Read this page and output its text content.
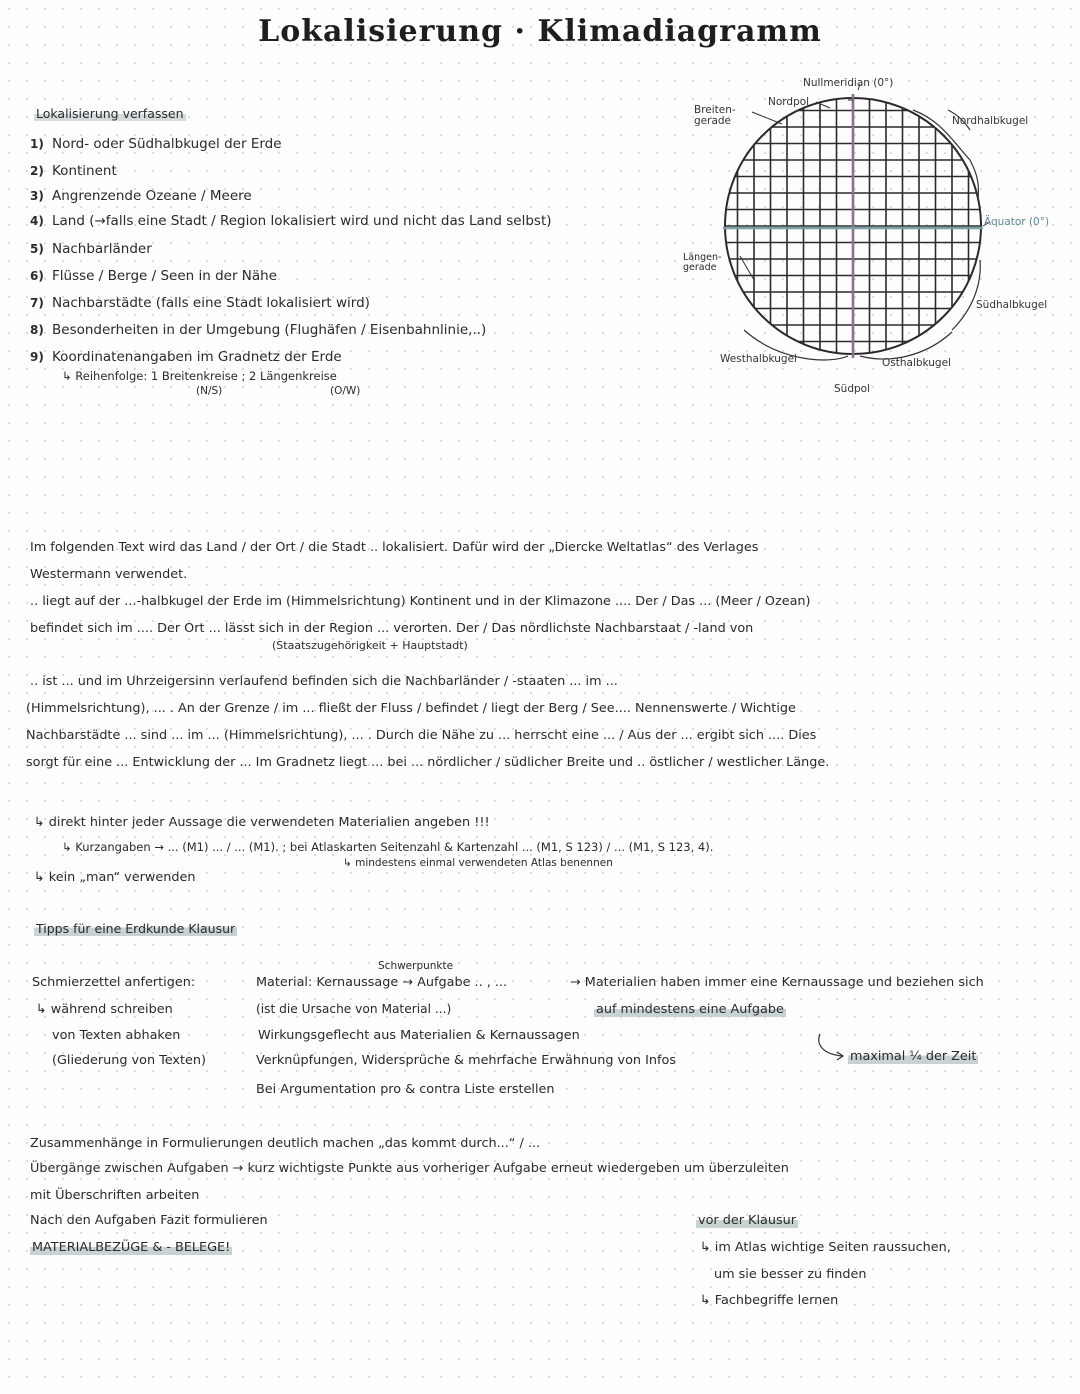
Lokalisierung · Klimadiagramm
Lokalisierung verfassen
1) Nord- oder Südhalbkugel der Erde
2) Kontinent
3) Angrenzende Ozeane / Meere
4) Land (→falls eine Stadt / Region lokalisiert wird und nicht das Land selbst)
5) Nachbarländer
6) Flüsse / Berge / Seen in der Nähe
7) Nachbarstädte (falls eine Stadt lokalisiert wird)
8) Besonderheiten in der Umgebung (Flughäfen / Eisenbahnlinie,..)
9) Koordinatenangaben im Gradnetz der Erde
↳ Reihenfolge: 1 Breitenkreise ; 2 Längenkreise
(N/S)	(O/W)
Nullmeridian (0°)
Nordpol
Breiten-
gerade	Nordhalbkugel
Äquator (0°)
Längen-
gerade
Südhalbkugel
Westhalbkugel	Osthalbkugel
Südpol
Im folgenden Text wird das Land / der Ort / die Stadt .. lokalisiert. Dafür wird der „Diercke Weltatlas“ des Verlages
Westermann verwendet.
.. liegt auf der ...-halbkugel der Erde im (Himmelsrichtung) Kontinent und in der Klimazone .... Der / Das ... (Meer / Ozean)
befindet sich im .... Der Ort ... lässt sich in der Region ... verorten. Der / Das nördlichste Nachbarstaat / -land von
(Staatszugehörigkeit + Hauptstadt)
.. ist ... und im Uhrzeigersinn verlaufend befinden sich die Nachbarländer / -staaten ... im ...
(Himmelsrichtung), ... . An der Grenze / im ... fließt der Fluss / befindet / liegt der Berg / See.... Nennenswerte / Wichtige
Nachbarstädte ... sind ... im ... (Himmelsrichtung), ... . Durch die Nähe zu ... herrscht eine ... / Aus der ... ergibt sich .... Dies
sorgt für eine ... Entwicklung der ... Im Gradnetz liegt ... bei ... nördlicher / südlicher Breite und .. östlicher / westlicher Länge.
↳ direkt hinter jeder Aussage die verwendeten Materialien angeben !!!
↳ Kurzangaben → ... (M1) ... / ... (M1). ; bei Atlaskarten Seitenzahl & Kartenzahl ... (M1, S 123) / ... (M1, S 123, 4).
↳ mindestens einmal verwendeten Atlas benennen
↳ kein „man“ verwenden
Tipps für eine Erdkunde Klausur
Schwerpunkte
Schmierzettel anfertigen:	Material: Kernaussage → Aufgabe .. , ...	→ Materialien haben immer eine Kernaussage und beziehen sich
↳ während schreiben	(ist die Ursache von Material ...)	auf mindestens eine Aufgabe
von Texten abhaken	Wirkungsgeflecht aus Materialien & Kernaussagen
(Gliederung von Texten)	Verknüpfungen, Widersprüche & mehrfache Erwähnung von Infos	maximal ¼ der Zeit
Bei Argumentation pro & contra Liste erstellen
Zusammenhänge in Formulierungen deutlich machen „das kommt durch...“ / ...
Übergänge zwischen Aufgaben → kurz wichtigste Punkte aus vorheriger Aufgabe erneut wiedergeben um überzuleiten
mit Überschriften arbeiten
Nach den Aufgaben Fazit formulieren
MATERIALBEZÜGE & - BELEGE!
vor der Klausur
↳ im Atlas wichtige Seiten raussuchen,
um sie besser zu finden
↳ Fachbegriffe lernen
